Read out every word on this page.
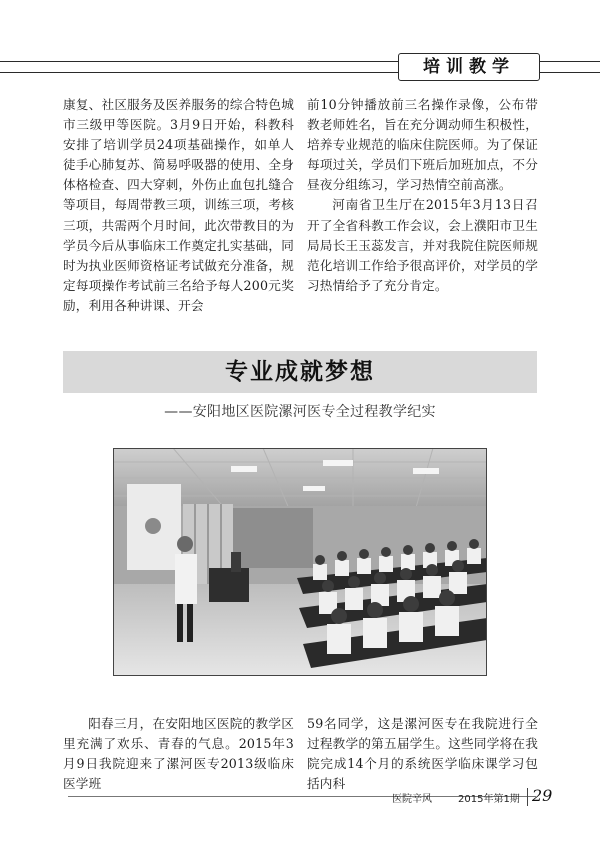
培训教学

康复、社区服务及医养服务的综合特色城市三级甲等医院。3月9日开始，科教科安排了培训学员24项基础操作，如单人徒手心肺复苏、简易呼吸器的使用、全身体格检查、四大穿刺，外伤止血包扎缝合等项目，每周带教三项，训练三项，考核三项，共需两个月时间，此次带教目的为学员今后从事临床工作奠定扎实基础，同时为执业医师资格证考试做充分准备，规定每项操作考试前三名给予每人200元奖励，利用各种讲课、开会

前10分钟播放前三名操作录像，公布带教老师姓名，旨在充分调动师生积极性，培养专业规范的临床住院医师。为了保证每项过关，学员们下班后加班加点，不分昼夜分组练习，学习热情空前高涨。

河南省卫生厅在2015年3月13日召开了全省科教工作会议，会上濮阳市卫生局局长王玉蕊发言，并对我院住院医师规范化培训工作给予很高评价，对学员的学习热情给予了充分肯定。

专业成就梦想
——安阳地区医院漯河医专全过程教学纪实

阳春三月，在安阳地区医院的教学区里充满了欢乐、青春的气息。2015年3月9日我院迎来了漯河医专2013级临床医学班

59名同学，这是漯河医专在我院进行全过程教学的第五届学生。这些同学将在我院完成14个月的系统医学临床课学习包括内科

医院辛风	2015年第1期 29
